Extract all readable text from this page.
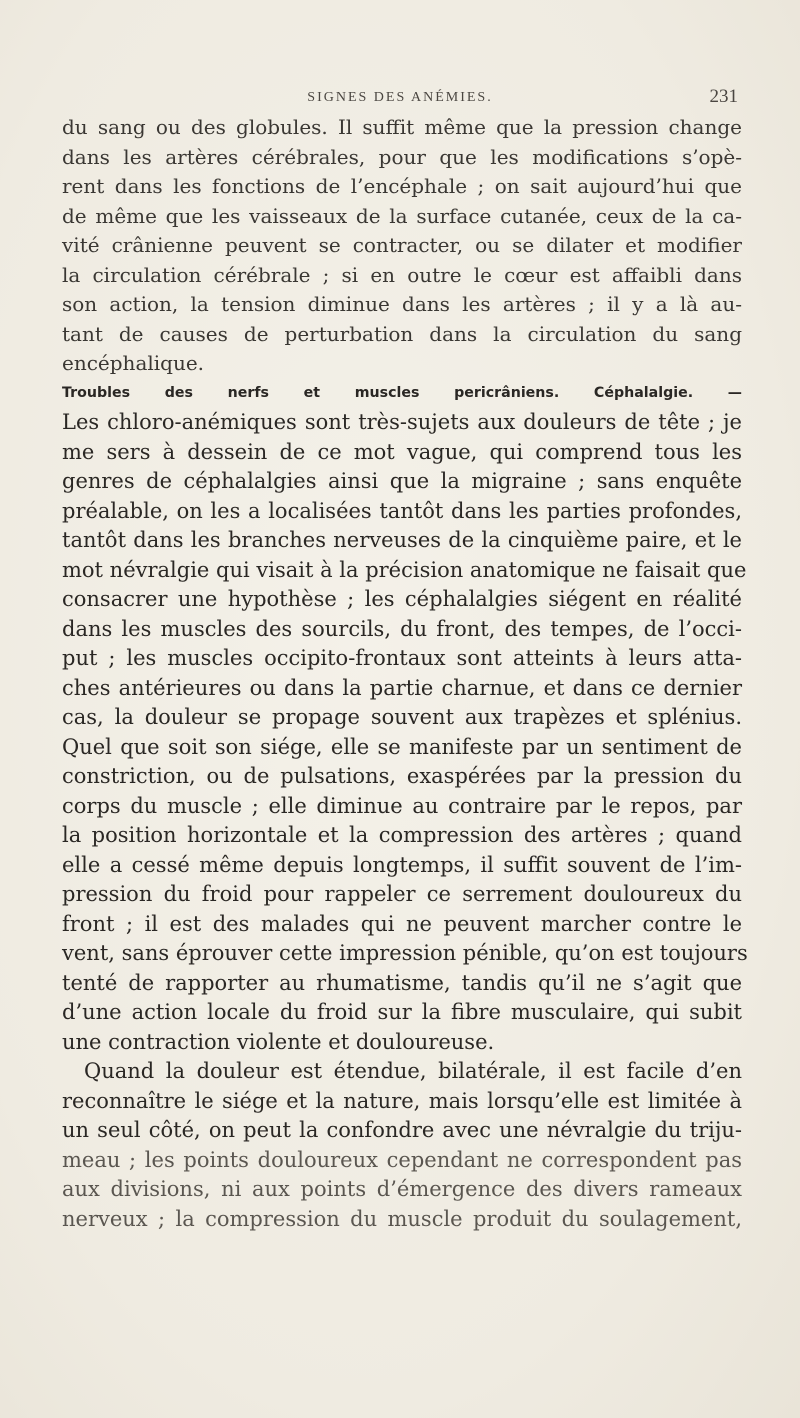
SIGNES DES ANÉMIES.	231
du sang ou des globules. Il suffit même que la pression change
dans les artères cérébrales, pour que les modifications s’opè-
rent dans les fonctions de l’encéphale ; on sait aujourd’hui que
de même que les vaisseaux de la surface cutanée, ceux de la ca-
vité crânienne peuvent se contracter, ou se dilater et modifier
la circulation cérébrale ; si en outre le cœur est affaibli dans
son action, la tension diminue dans les artères ; il y a là au-
tant de causes de perturbation dans la circulation du sang
encéphalique.
Troubles des nerfs et muscles pericrâniens. Céphalalgie. —
Les chloro-anémiques sont très-sujets aux douleurs de tête ; je
me sers à dessein de ce mot vague, qui comprend tous les
genres de céphalalgies ainsi que la migraine ; sans enquête
préalable, on les a localisées tantôt dans les parties profondes,
tantôt dans les branches nerveuses de la cinquième paire, et le
mot névralgie qui visait à la précision anatomique ne faisait que
consacrer une hypothèse ; les céphalalgies siégent en réalité
dans les muscles des sourcils, du front, des tempes, de l’occi-
put ; les muscles occipito-frontaux sont atteints à leurs atta-
ches antérieures ou dans la partie charnue, et dans ce dernier
cas, la douleur se propage souvent aux trapèzes et splénius.
Quel que soit son siége, elle se manifeste par un sentiment de
constriction, ou de pulsations, exaspérées par la pression du
corps du muscle ; elle diminue au contraire par le repos, par
la position horizontale et la compression des artères ; quand
elle a cessé même depuis longtemps, il suffit souvent de l’im-
pression du froid pour rappeler ce serrement douloureux du
front ; il est des malades qui ne peuvent marcher contre le
vent, sans éprouver cette impression pénible, qu’on est toujours
tenté de rapporter au rhumatisme, tandis qu’il ne s’agit que
d’une action locale du froid sur la fibre musculaire, qui subit
une contraction violente et douloureuse.
Quand la douleur est étendue, bilatérale, il est facile d’en
reconnaître le siége et la nature, mais lorsqu’elle est limitée à
un seul côté, on peut la confondre avec une névralgie du triju-
meau ; les points douloureux cependant ne correspondent pas
aux divisions, ni aux points d’émergence des divers rameaux
nerveux ; la compression du muscle produit du soulagement,
